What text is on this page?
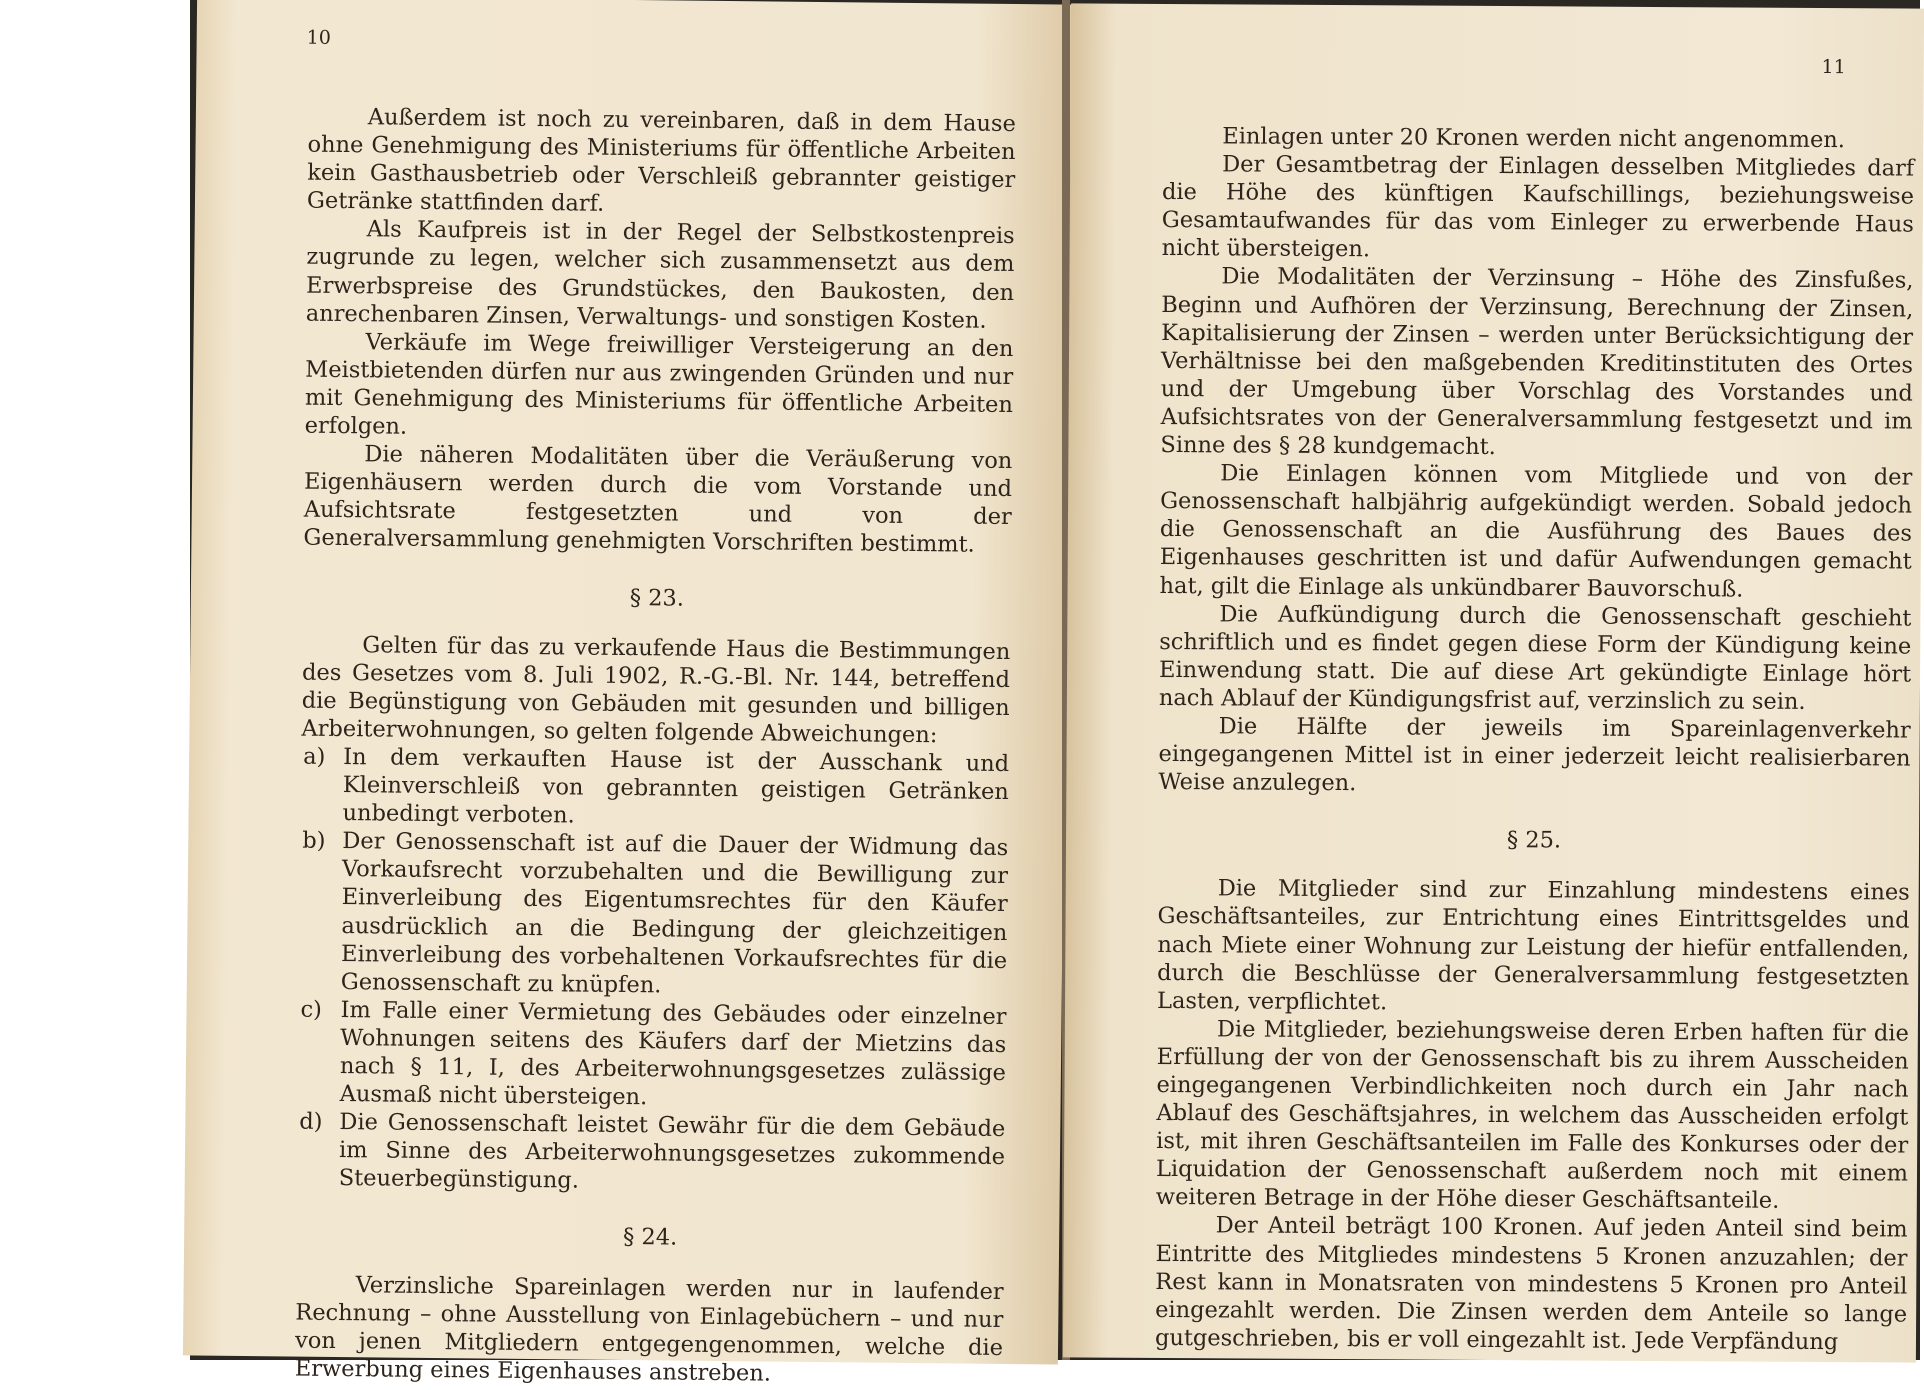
10

Außerdem ist noch zu vereinbaren, daß in dem Hause ohne Genehmigung des Ministeriums für öffentliche Arbeiten kein Gasthausbetrieb oder Verschleiß gebrannter geistiger Getränke stattfinden darf.

Als Kaufpreis ist in der Regel der Selbstkostenpreis zugrunde zu legen, welcher sich zusammensetzt aus dem Erwerbspreise des Grundstückes, den Baukosten, den anrechenbaren Zinsen, Verwaltungs- und sonstigen Kosten.

Verkäufe im Wege freiwilliger Versteigerung an den Meistbietenden dürfen nur aus zwingenden Gründen und nur mit Genehmigung des Ministeriums für öffentliche Arbeiten erfolgen.

Die näheren Modalitäten über die Veräußerung von Eigenhäusern werden durch die vom Vorstande und Aufsichtsrate festgesetzten und von der Generalversammlung genehmigten Vorschriften bestimmt.

§ 23.

Gelten für das zu verkaufende Haus die Bestimmungen des Gesetzes vom 8. Juli 1902, R.-G.-Bl. Nr. 144, betreffend die Begünstigung von Gebäuden mit gesunden und billigen Arbeiterwohnungen, so gelten folgende Abweichungen:

a) In dem verkauften Hause ist der Ausschank und Kleinverschleiß von gebrannten geistigen Getränken unbedingt verboten.
b) Der Genossenschaft ist auf die Dauer der Widmung das Vorkaufsrecht vorzubehalten und die Bewilligung zur Einverleibung des Eigentumsrechtes für den Käufer ausdrücklich an die Bedingung der gleichzeitigen Einverleibung des vorbehaltenen Vorkaufsrechtes für die Genossenschaft zu knüpfen.
c) Im Falle einer Vermietung des Gebäudes oder einzelner Wohnungen seitens des Käufers darf der Mietzins das nach § 11, I, des Arbeiterwohnungsgesetzes zulässige Ausmaß nicht übersteigen.
d) Die Genossenschaft leistet Gewähr für die dem Gebäude im Sinne des Arbeiterwohnungsgesetzes zukommende Steuerbegünstigung.

§ 24.

Verzinsliche Spareinlagen werden nur in laufender Rechnung – ohne Ausstellung von Einlagebüchern – und nur von jenen Mitgliedern entgegengenommen, welche die Erwerbung eines Eigenhauses anstreben.

11

Einlagen unter 20 Kronen werden nicht angenommen.

Der Gesamtbetrag der Einlagen desselben Mitgliedes darf die Höhe des künftigen Kaufschillings, beziehungsweise Gesamtaufwandes für das vom Einleger zu erwerbende Haus nicht übersteigen.

Die Modalitäten der Verzinsung – Höhe des Zinsfußes, Beginn und Aufhören der Verzinsung, Berechnung der Zinsen, Kapitalisierung der Zinsen – werden unter Berücksichtigung der Verhältnisse bei den maßgebenden Kreditinstituten des Ortes und der Umgebung über Vorschlag des Vorstandes und Aufsichtsrates von der Generalversammlung festgesetzt und im Sinne des § 28 kundgemacht.

Die Einlagen können vom Mitgliede und von der Genossenschaft halbjährig aufgekündigt werden. Sobald jedoch die Genossenschaft an die Ausführung des Baues des Eigenhauses geschritten ist und dafür Aufwendungen gemacht hat, gilt die Einlage als unkündbarer Bauvorschuß.

Die Aufkündigung durch die Genossenschaft geschieht schriftlich und es findet gegen diese Form der Kündigung keine Einwendung statt. Die auf diese Art gekündigte Einlage hört nach Ablauf der Kündigungsfrist auf, verzinslich zu sein.

Die Hälfte der jeweils im Spareinlagenverkehr eingegangenen Mittel ist in einer jederzeit leicht realisierbaren Weise anzulegen.

§ 25.

Die Mitglieder sind zur Einzahlung mindestens eines Geschäftsanteiles, zur Entrichtung eines Eintrittsgeldes und nach Miete einer Wohnung zur Leistung der hiefür entfallenden, durch die Beschlüsse der Generalversammlung festgesetzten Lasten, verpflichtet.

Die Mitglieder, beziehungsweise deren Erben haften für die Erfüllung der von der Genossenschaft bis zu ihrem Ausscheiden eingegangenen Verbindlichkeiten noch durch ein Jahr nach Ablauf des Geschäftsjahres, in welchem das Ausscheiden erfolgt ist, mit ihren Geschäftsanteilen im Falle des Konkurses oder der Liquidation der Genossenschaft außerdem noch mit einem weiteren Betrage in der Höhe dieser Geschäftsanteile.

Der Anteil beträgt 100 Kronen. Auf jeden Anteil sind beim Eintritte des Mitgliedes mindestens 5 Kronen anzuzahlen; der Rest kann in Monatsraten von mindestens 5 Kronen pro Anteil eingezahlt werden. Die Zinsen werden dem Anteile so lange gutgeschrieben, bis er voll eingezahlt ist. Jede Verpfändung
